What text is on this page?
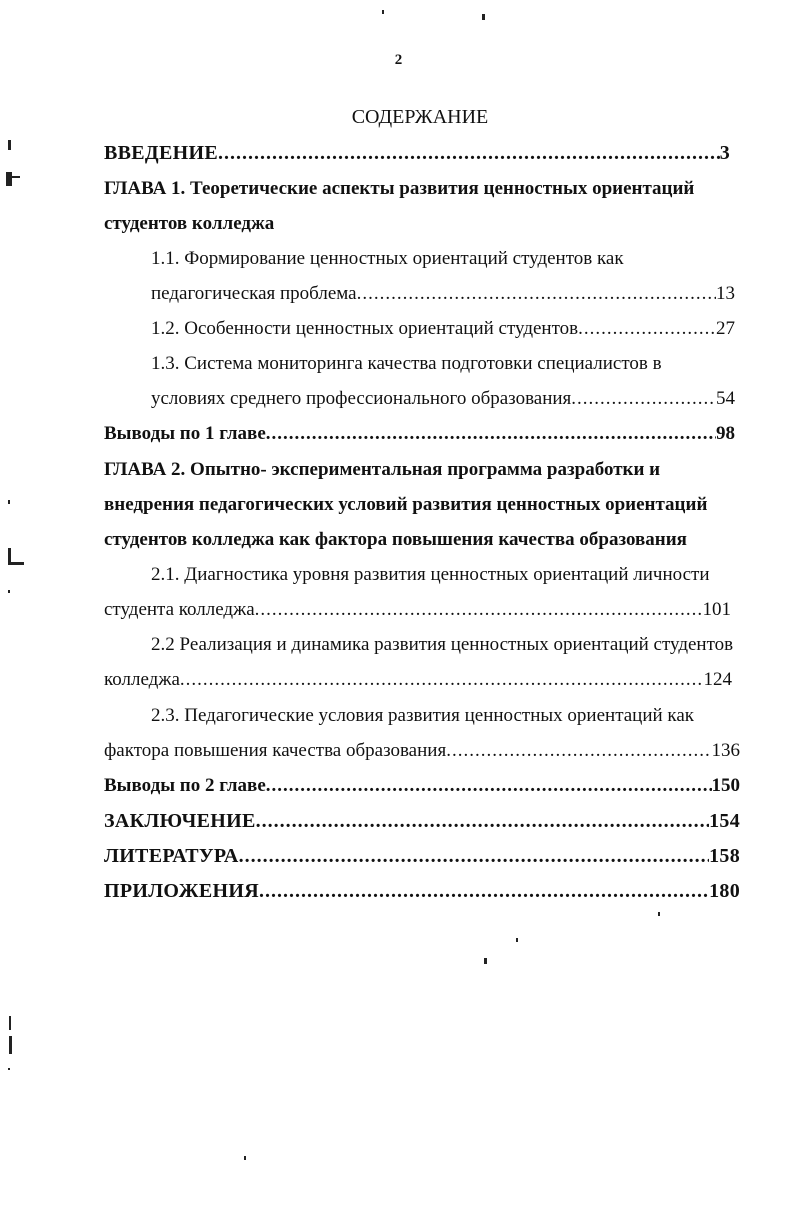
2
СОДЕРЖАНИЕ
ВВЕДЕНИЕ .....	3
ГЛАВА 1. Теоретические аспекты развития ценностных ориентаций
студентов колледжа
1.1. Формирование ценностных ориентаций студентов как
педагогическая проблема .....	13
1.2. Особенности ценностных ориентаций студентов .....	27
1.3. Система мониторинга качества подготовки специалистов в
условиях среднего профессионального образования .....	54
Выводы по 1 главе .....	98
ГЛАВА 2. Опытно- экспериментальная программа разработки и
внедрения педагогических условий развития ценностных ориентаций
студентов колледжа как фактора повышения качества образования
2.1. Диагностика уровня развития ценностных ориентаций личности
студента колледжа .....	101
2.2 Реализация и динамика развития ценностных ориентаций студентов
колледжа .....	124
2.3. Педагогические условия развития ценностных ориентаций как
фактора повышения качества образования .....	136
Выводы по 2 главе .....	150
ЗАКЛЮЧЕНИЕ .....	154
ЛИТЕРАТУРА .....	158
ПРИЛОЖЕНИЯ .....	180
